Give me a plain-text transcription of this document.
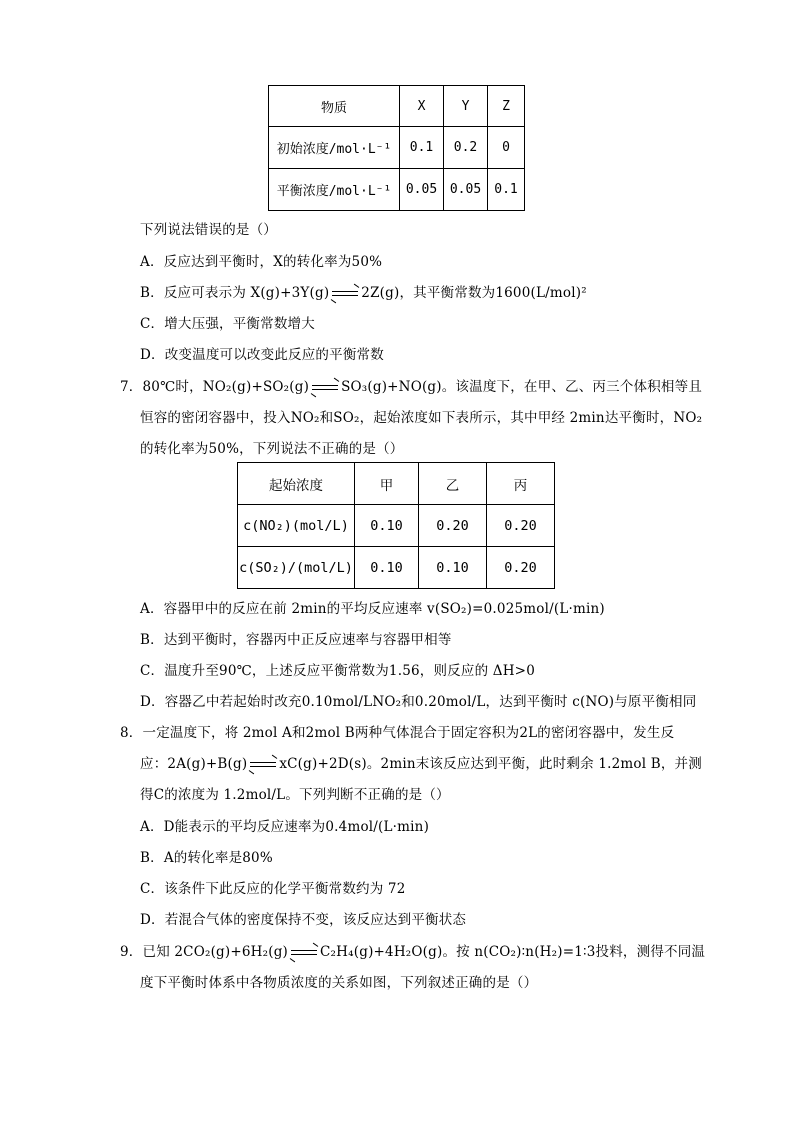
物质	X	Y	Z
初始浓度/mol·L⁻¹	0.1	0.2	0
平衡浓度/mol·L⁻¹	0.05	0.05	0.1
下列说法错误的是（）
A．反应达到平衡时，X的转化率为50%
B．反应可表示为 X(g)+3Y(g) 2Z(g)，其平衡常数为1600(L/mol)²
C．增大压强，平衡常数增大
D．改变温度可以改变此反应的平衡常数
7．80℃时，NO₂(g)+SO₂(g) SO₃(g)+NO(g)。该温度下，在甲、乙、丙三个体积相等且
恒容的密闭容器中，投入NO₂和SO₂，起始浓度如下表所示，其中甲经 2min达平衡时，NO₂
的转化率为50%，下列说法不正确的是（）
起始浓度	甲	乙	丙
c(NO₂)(mol/L)	0.10	0.20	0.20
c(SO₂)/(mol/L)	0.10	0.10	0.20
A．容器甲中的反应在前 2min的平均反应速率 v(SO₂)=0.025mol/(L·min)
B．达到平衡时，容器丙中正反应速率与容器甲相等
C．温度升至90℃，上述反应平衡常数为1.56，则反应的 ΔH>0
D．容器乙中若起始时改充0.10mol/LNO₂和0.20mol/L，达到平衡时 c(NO)与原平衡相同
8．一定温度下，将 2mol A和2mol B两种气体混合于固定容积为2L的密闭容器中，发生反
应：2A(g)+B(g) xC(g)+2D(s)。2min末该反应达到平衡，此时剩余 1.2mol B，并测
得C的浓度为 1.2mol/L。下列判断不正确的是（）
A．D能表示的平均反应速率为0.4mol/(L·min)
B．A的转化率是80%
C．该条件下此反应的化学平衡常数约为 72
D．若混合气体的密度保持不变，该反应达到平衡状态
9．已知 2CO₂(g)+6H₂(g) C₂H₄(g)+4H₂O(g)。按 n(CO₂)∶n(H₂)=1∶3投料，测得不同温
度下平衡时体系中各物质浓度的关系如图，下列叙述正确的是（）
